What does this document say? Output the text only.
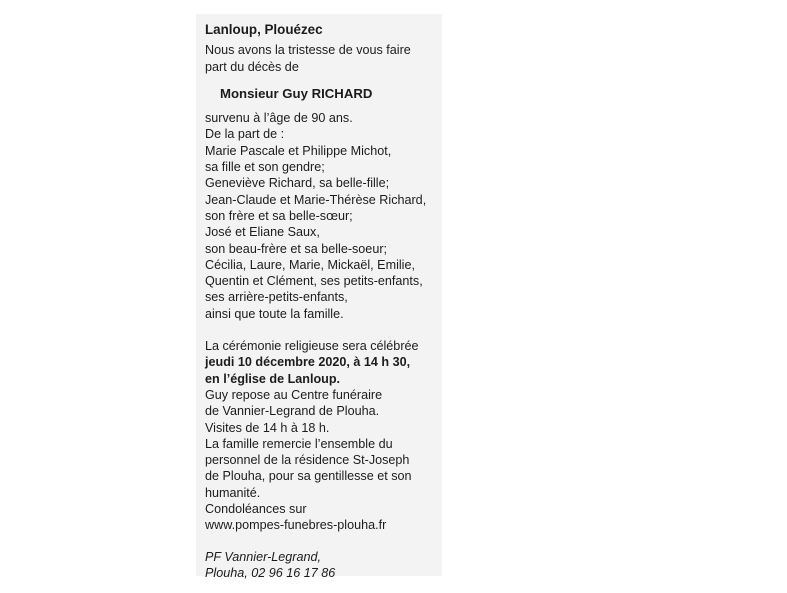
Lanloup, Plouézec
Nous avons la tristesse de vous faire
part du décès de
Monsieur Guy RICHARD
survenu à l’âge de 90 ans.
De la part de :
Marie Pascale et Philippe Michot,
sa fille et son gendre;
Geneviève Richard, sa belle-fille;
Jean-Claude et Marie-Thérèse Richard,
son frère et sa belle-sœur;
José et Eliane Saux,
son beau-frère et sa belle-soeur;
Cécilia, Laure, Marie, Mickaël, Emilie,
Quentin et Clément, ses petits-enfants,
ses arrière-petits-enfants,
ainsi que toute la famille.
La cérémonie religieuse sera célébrée
jeudi 10 décembre 2020, à 14 h 30,
en l’église de Lanloup.
Guy repose au Centre funéraire
de Vannier-Legrand de Plouha.
Visites de 14 h à 18 h.
La famille remercie l’ensemble du
personnel de la résidence St-Joseph
de Plouha, pour sa gentillesse et son
humanité.
Condoléances sur
www.pompes-funebres-plouha.fr
PF Vannier-Legrand,
Plouha, 02 96 16 17 86
